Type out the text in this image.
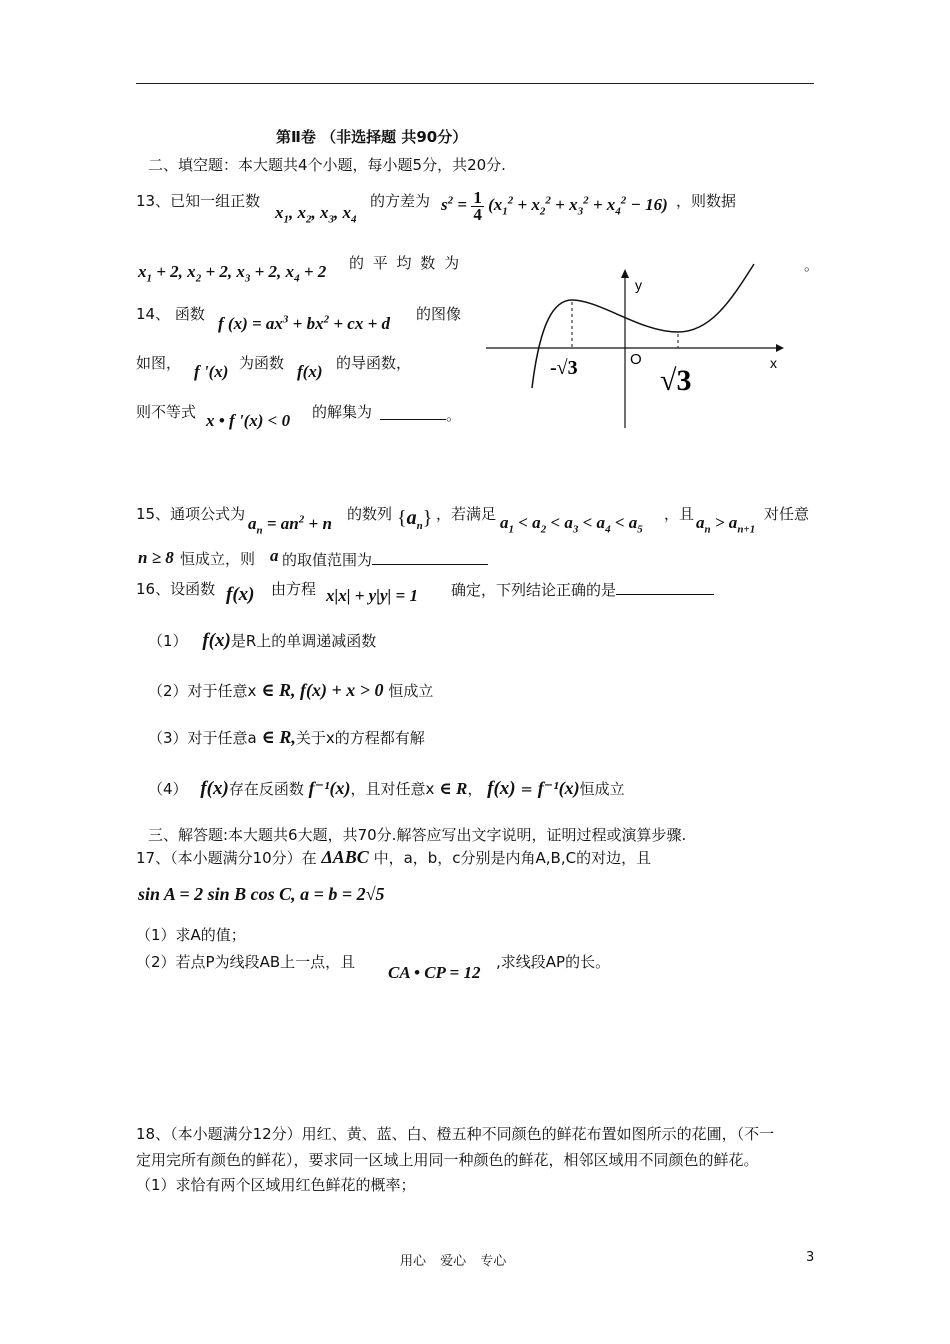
第Ⅱ卷 （非选择题 共90分）
二、填空题：本大题共4个小题，每小题5分，共20分.
13、已知一组正数
$x_1$, $x_2$, $x_3$, $x_4$
的方差为 $s^2 = 1$
4 $(x_1^2 + x_2^2 + x_3^2 + x_4^2 - 16)$ ，则数据
$x_1 + 2$, $x_2 + 2$, $x_3 + 2$, $x_4 + 2$ 的 平 均 数 为	。
14、 函数 f $(x) = ax^3 + bx^2$ + cx + d 的图像
如图， f '(x) 为函数 f(x) 的导函数，
则不等式 x • f '(x) < 0 的解集为	。
y
x
O
-√3	√3
15、通项公式为 $a_n = an^2 + n$ 的数列 $\{a_n\}$ ，若满足 $a_1 < a_2 < a_3 < a_4 < a_5$
，且 $a_n > a_{n+1}$
对任意
n ≥ 8 恒成立，则 a 的取值范围为
16、设函数 f(x) 由方程 x|x| + y|y| = 1 确定，下列结论正确的是
（1） f(x)是R上的单调递减函数
（2）对于任意x ∈ R, f(x) + x > 0 恒成立
（3）对于任意a ∈ R,关于x的方程都有解
（4） f(x)存在反函数 f⁻¹(x)，且对任意x ∈ R， f(x) = f⁻¹(x)恒成立
三、解答题:本大题共6大题，共70分.解答应写出文字说明，证明过程或演算步骤.
17、（本小题满分10分）在 ΔABC 中，a，b，c分别是内角A,B,C的对边，且
sin A = 2 sin B cos C, a = b = 2√5
（1）求A的值；
（2）若点P为线段AB上一点，且
CA • CP = 12
,求线段AP的长。
18、（本小题满分12分）用红、黄、蓝、白、橙五种不同颜色的鲜花布置如图所示的花圃，（不一
定用完所有颜色的鲜花），要求同一区域上用同一种颜色的鲜花，相邻区域用不同颜色的鲜花。
（1）求恰有两个区域用红色鲜花的概率；
用心 爱心 专心	3
